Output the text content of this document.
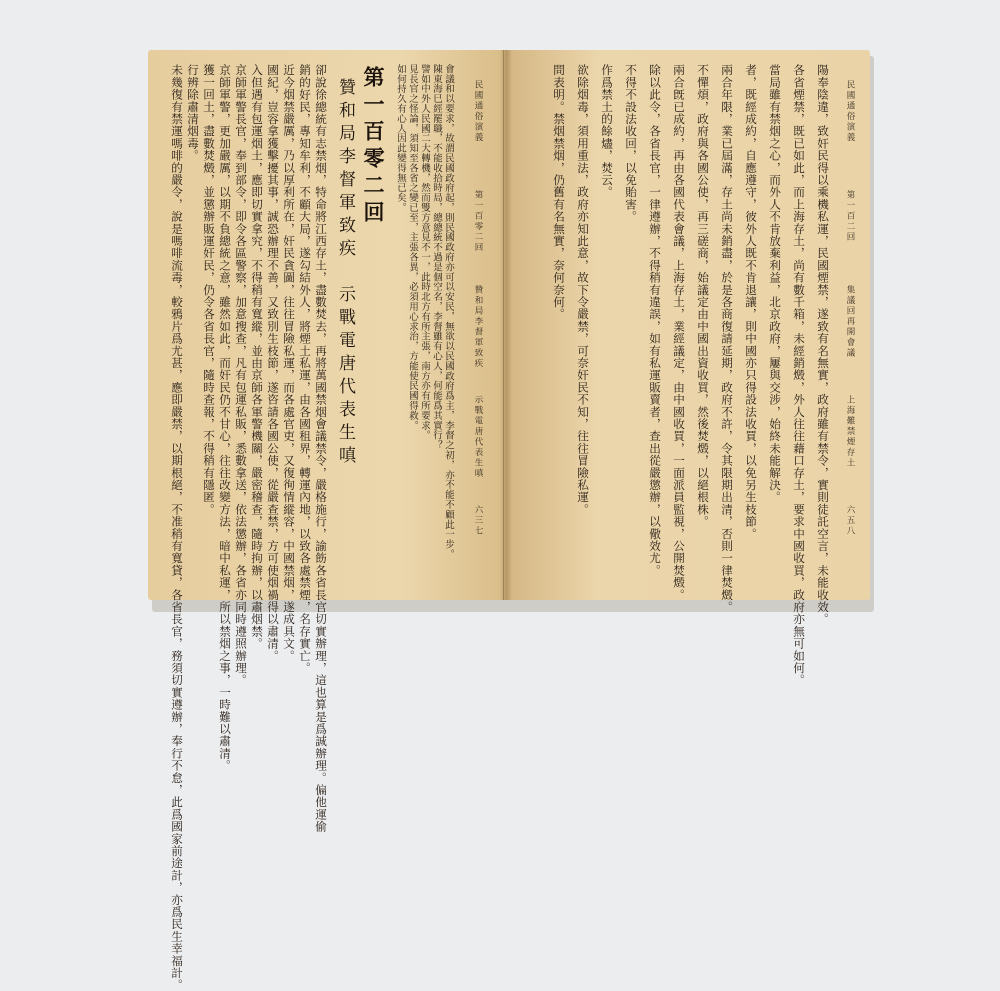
民國通俗演義
第一百零二回
贊和局李督軍致疾
示戰電唐代表生嗔
六三七
會議和以要求，故謂民國政府起，則民國政府亦可以安民，無欲以民國政府爲主，李督之初，亦不能不顧此一步。
陳東海巳經罷職，不能收拾時局，總總統不過是個空名，李督雖有心人，何能爲其實行？
譬如中外人民國二大轉機，然而雙方意見不一，此時北方有所主張，南方亦有所要求。
見長官之怪論，須知至各省之變已至，主張各異，必須用心求治，方能使民國得救。
如何持久有心人因此變得無已矣。
第一百零二回
贊和局李督軍致疾　示戰電唐代表生嗔
卻說徐總統有志禁烟，特命將江西存土，盡數焚去，再將萬國禁烟會議禁令，嚴格施行，諭飭各省長官切實辦理，這也算是爲誠辦理。偏他運偷
銷的好民，專知牟利，不顧大局，遂勾結外人，將煙土私運，由各國租界，轉運內地，以致各處禁煙，名存實亡。
近今烟禁嚴厲，乃以厚利所在，奸民貪圖，往往冒險私運，而各處官吏，又復徇情縱容，中國禁烟，遂成具文。
國紀，豈容拿獲擊擾其事，誠恐辦理不善，又致別生枝節，遂咨請各國公使，從嚴查禁，方可使烟禍得以肅清。
入但遇有包運烟土，應即切實拿究，不得稍有寬縱，並由京師各軍警機關，嚴密稽查，隨時拘辦，以肅烟禁。
京師軍警長官，奉到部令，即令各區警察，加意搜查，凡有包運私販，悉數拿送，依法懲辦，各省亦同時遵照辦理。
京師軍警，更加嚴厲，以期不負總統之意，雖然如此，而奸民仍不甘心，往往改變方法，暗中私運，所以禁烟之事，一時難以肅清。
獲一回土，盡數焚燬，並懲辦販運奸民，仍令各省長官，隨時查報，不得稍有隱匿。
行辨除肅清烟毒。
未幾復有禁運嗎啡的嚴令，說是嗎啡流毒，較鴉片爲尤甚，應即嚴禁，以期根絕，不准稍有寬貸，各省長官，務須切實遵辦，奉行不怠，此爲國家前途計，亦爲民生幸福計。	民國通俗演義
第一百二回
集議回再開會議
上海難禁煙存土
六五八
陽奉陰違，致奸民得以乘機私運，民國煙禁，遂致有名無實，政府雖有禁令，實則徒託空言，未能收效。
各省煙禁，既已如此，而上海存土，尚有數千箱，未經銷燬，外人往往藉口存土，要求中國收買，政府亦無可如何。
當局雖有禁烟之心，而外人不肯放棄利益，北京政府，屢與交涉，始終未能解決。
者，既經成約，自應遵守，彼外人既不肯退讓，則中國亦只得設法收買，以免另生枝節。
兩合年限，業已屆滿，存土尚未銷盡，於是各商復請延期，政府不許，令其限期出清，否則一律焚燬。
不憚煩，政府與各國公使，再三磋商，始議定由中國出資收買，然後焚燬，以絕根株。
兩合旣已成約，再由各國代表會議，上海存土，業經議定，由中國收買，一面派員監視，公開焚燬。
除以此令，各省長官，一律遵辦，不得稍有違誤，如有私運販賣者，查出從嚴懲辦，以儆效尤。
不得不設法收回，以免貽害。
作爲禁土的餘燼，焚云。
欲除烟毒，須用重法，政府亦知此意，故下令嚴禁，可奈奸民不知，往往冒險私運。
問表明。禁烟禁烟，仍舊有名無實，奈何奈何。
